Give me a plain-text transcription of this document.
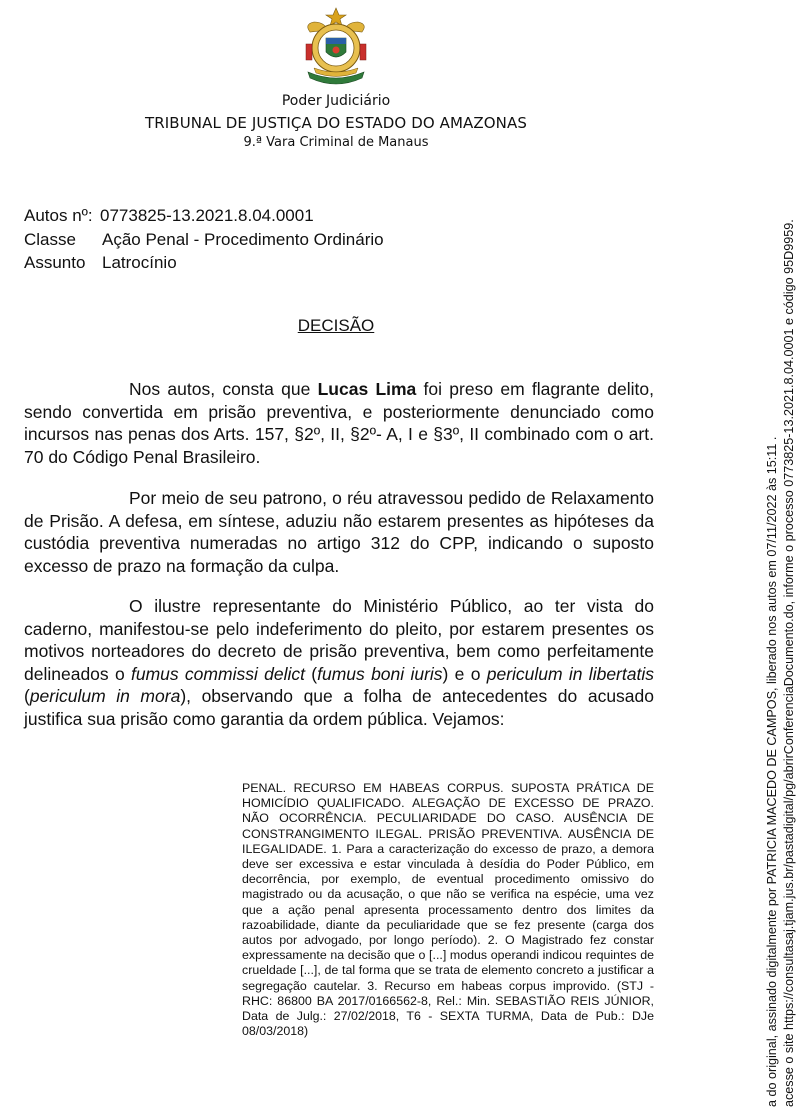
Poder Judiciário
TRIBUNAL DE JUSTIÇA DO ESTADO DO AMAZONAS
9.ª Vara Criminal de Manaus
Autos nº: 0773825-13.2021.8.04.0001
Classe	Ação Penal - Procedimento Ordinário
Assunto Latrocínio
DECISÃO

Nos autos, consta que Lucas Lima foi preso em flagrante delito, sendo convertida em prisão preventiva, e posteriormente denunciado como incursos nas penas dos Arts. 157, §2º, II, §2º- A, I e §3º, II combinado com o art. 70 do Código Penal Brasileiro.

Por meio de seu patrono, o réu atravessou pedido de Relaxamento de Prisão. A defesa, em síntese, aduziu não estarem presentes as hipóteses da custódia preventiva numeradas no artigo 312 do CPP, indicando o suposto excesso de prazo na formação da culpa.

O ilustre representante do Ministério Público, ao ter vista do caderno, manifestou-se pelo indeferimento do pleito, por estarem presentes os motivos norteadores do decreto de prisão preventiva, bem como perfeitamente delineados o fumus commissi delict (fumus boni iuris) e o periculum in libertatis (periculum in mora), observando que a folha de antecedentes do acusado justifica sua prisão como garantia da ordem pública. Vejamos:

PENAL. RECURSO EM HABEAS CORPUS. SUPOSTA PRÁTICA DE HOMICÍDIO QUALIFICADO. ALEGAÇÃO DE EXCESSO DE PRAZO. NÃO OCORRÊNCIA. PECULIARIDADE DO CASO. AUSÊNCIA DE CONSTRANGIMENTO ILEGAL. PRISÃO PREVENTIVA. AUSÊNCIA DE ILEGALIDADE. 1. Para a caracterização do excesso de prazo, a demora deve ser excessiva e estar vinculada à desídia do Poder Público, em decorrência, por exemplo, de eventual procedimento omissivo do magistrado ou da acusação, o que não se verifica na espécie, uma vez que a ação penal apresenta processamento dentro dos limites da razoabilidade, diante da peculiaridade que se fez presente (carga dos autos por advogado, por longo período). 2. O Magistrado fez constar expressamente na decisão que o [...] modus operandi indicou requintes de crueldade [...], de tal forma que se trata de elemento concreto a justificar a segregação cautelar. 3. Recurso em habeas corpus improvido. (STJ - RHC: 86800 BA 2017/0166562-8, Rel.: Min. SEBASTIÃO REIS JÚNIOR, Data de Julg.: 27/02/2018, T6 - SEXTA TURMA, Data de Pub.: DJe 08/03/2018)	a do original, assinado digitalmente por PATRICIA MACEDO DE CAMPOS, liberado nos autos em 07/11/2022 às 15:11 . acesse o site https://consultasaj.tjam.jus.br/pastadigital/pg/abrirConferenciaDocumento.do, informe o processo 0773825-13.2021.8.04.0001 e código 95D9959.
